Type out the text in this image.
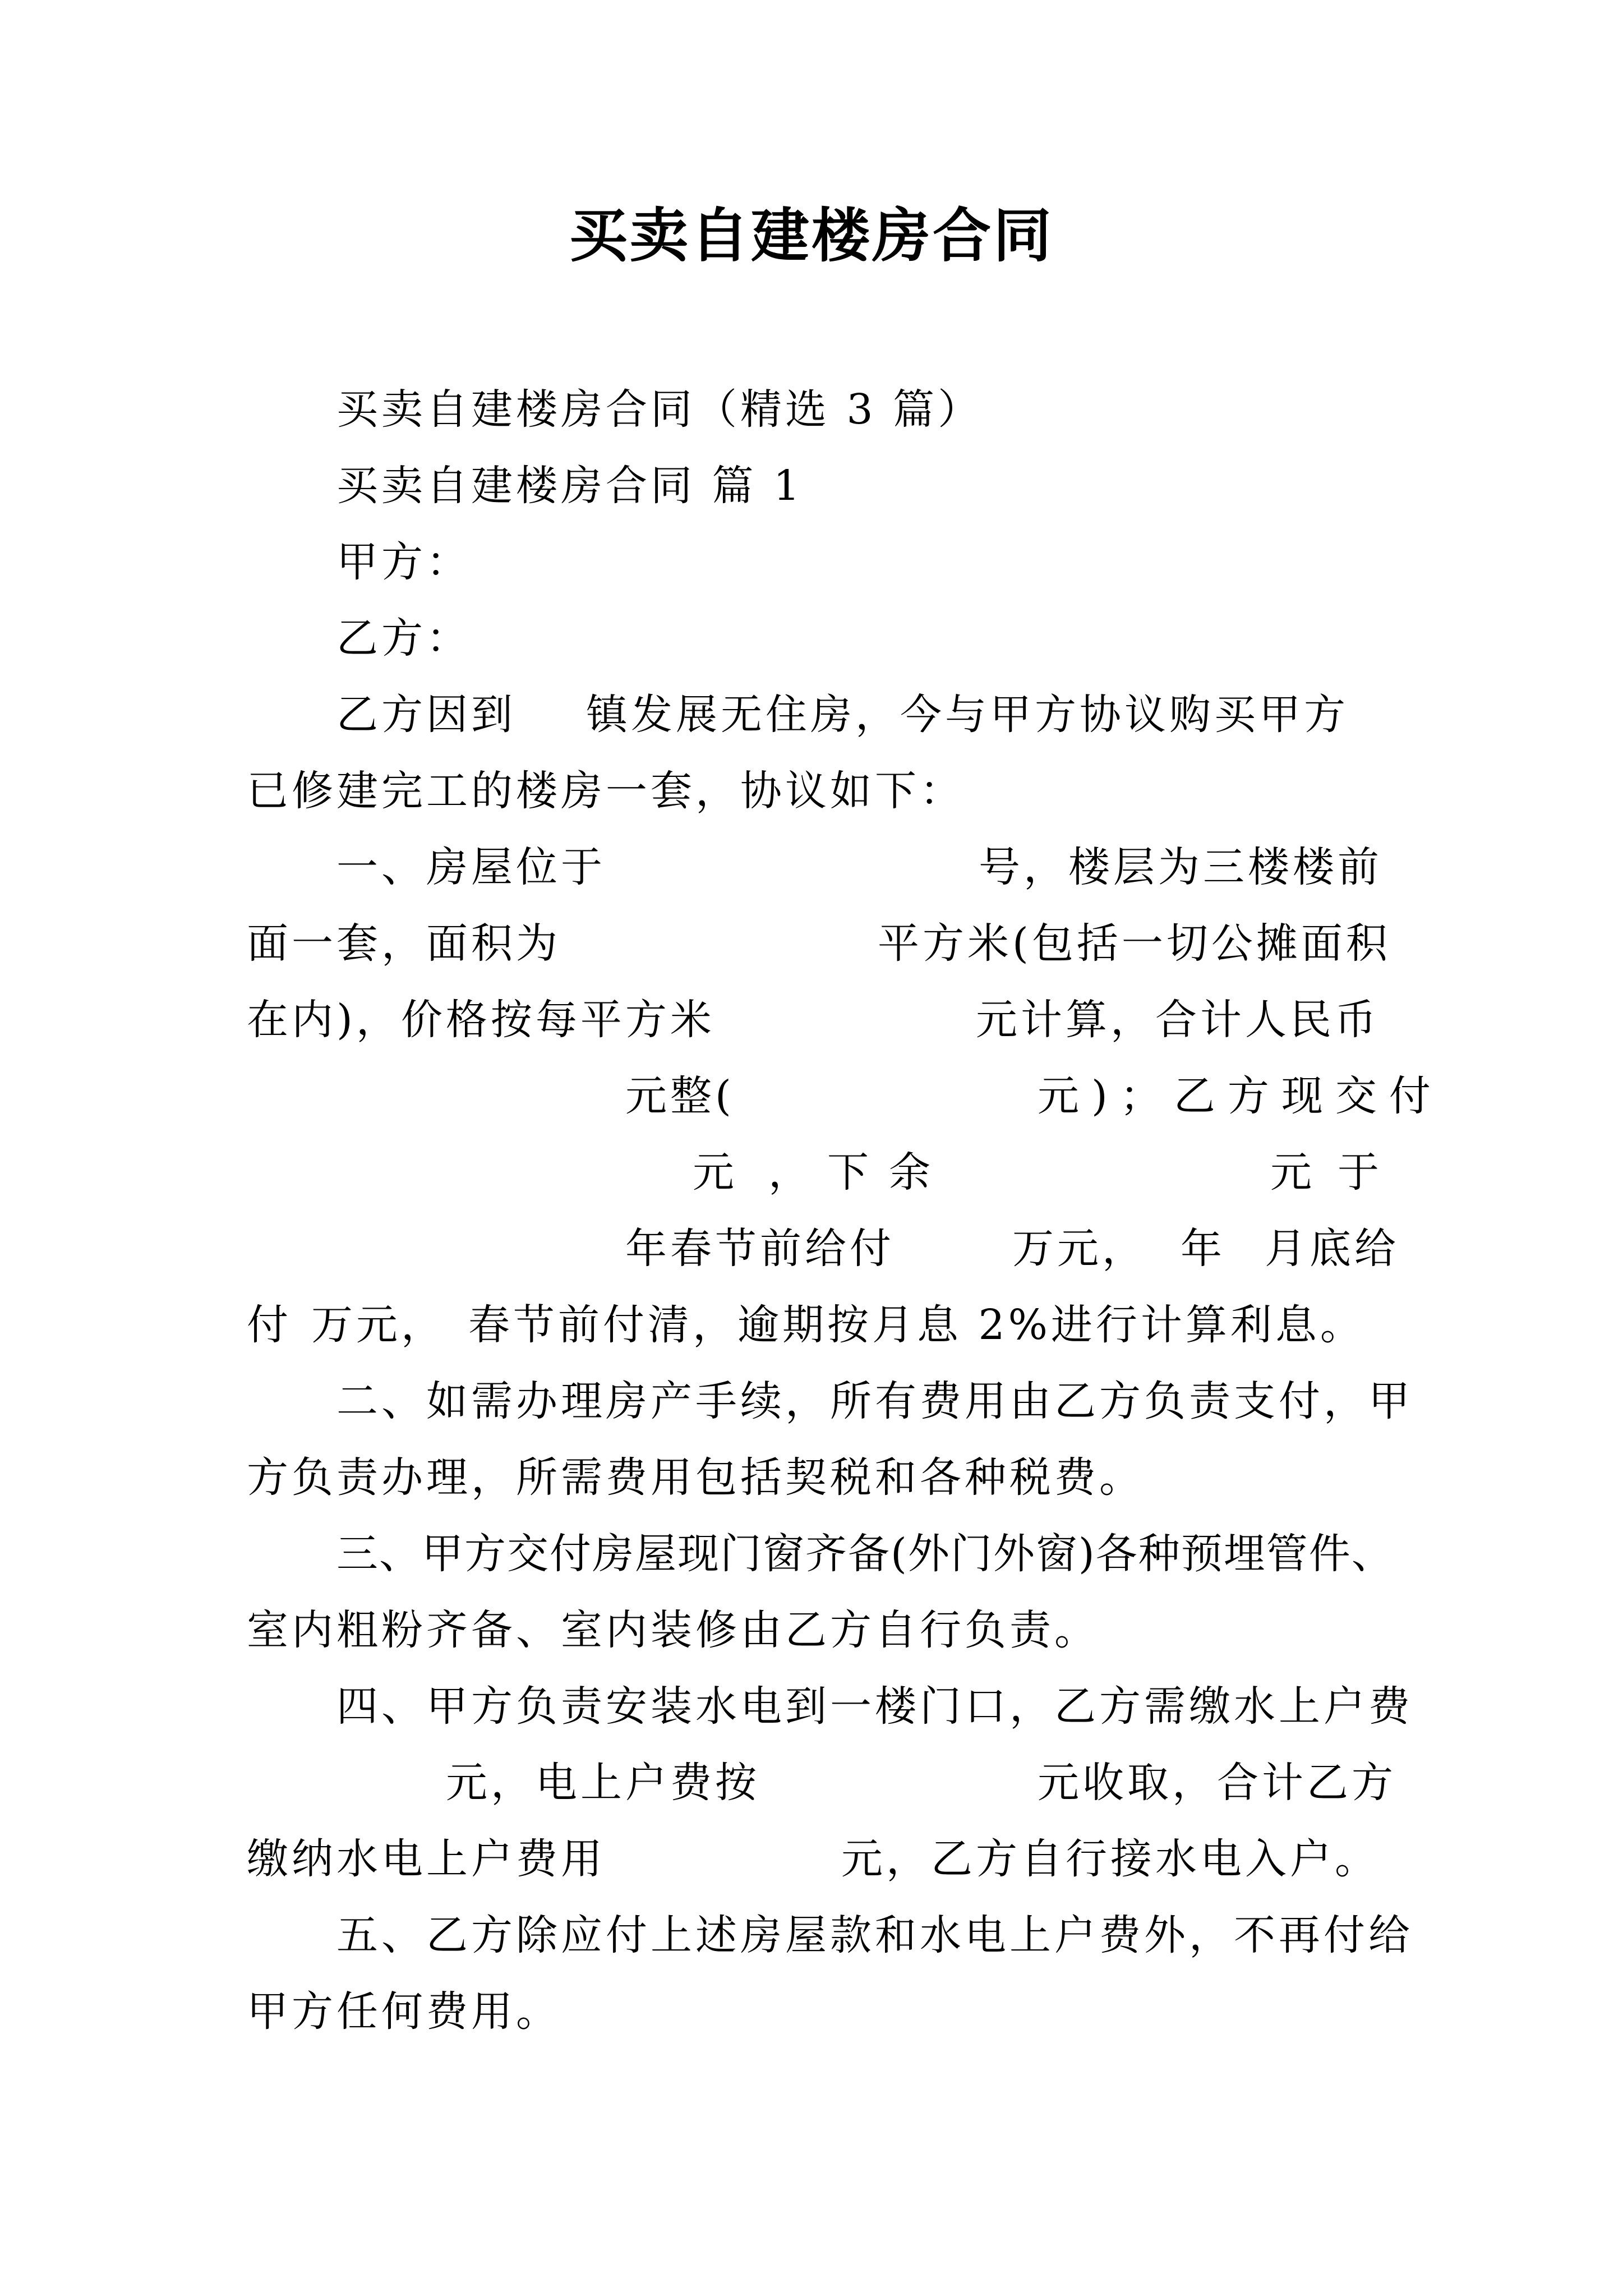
买卖自建楼房合同
买卖自建楼房合同（精选 3 篇）
买卖自建楼房合同 篇 1
甲方：
乙方：
乙方因到 镇发展无住房，今与甲方协议购买甲方
已修建完工的楼房一套，协议如下：
一、房屋位于	号，楼层为三楼楼前
面一套，面积为	平方米(包括一切公摊面积
在内)，价格按每平方米	元计算，合计人民币
元整(	元)；乙方现交付
元 ， 下 余	元 于
年春节前给付	万元， 年 月底给
付 万元， 春节前付清，逾期按月息 2%进行计算利息。
二、如需办理房产手续，所有费用由乙方负责支付，甲
方负责办理，所需费用包括契税和各种税费。
三、甲方交付房屋现门窗齐备(外门外窗)各种预埋管件、
室内粗粉齐备、室内装修由乙方自行负责。
四、甲方负责安装水电到一楼门口，乙方需缴水上户费
元，电上户费按	元收取，合计乙方
缴纳水电上户费用	元，乙方自行接水电入户。
五、乙方除应付上述房屋款和水电上户费外，不再付给
甲方任何费用。
